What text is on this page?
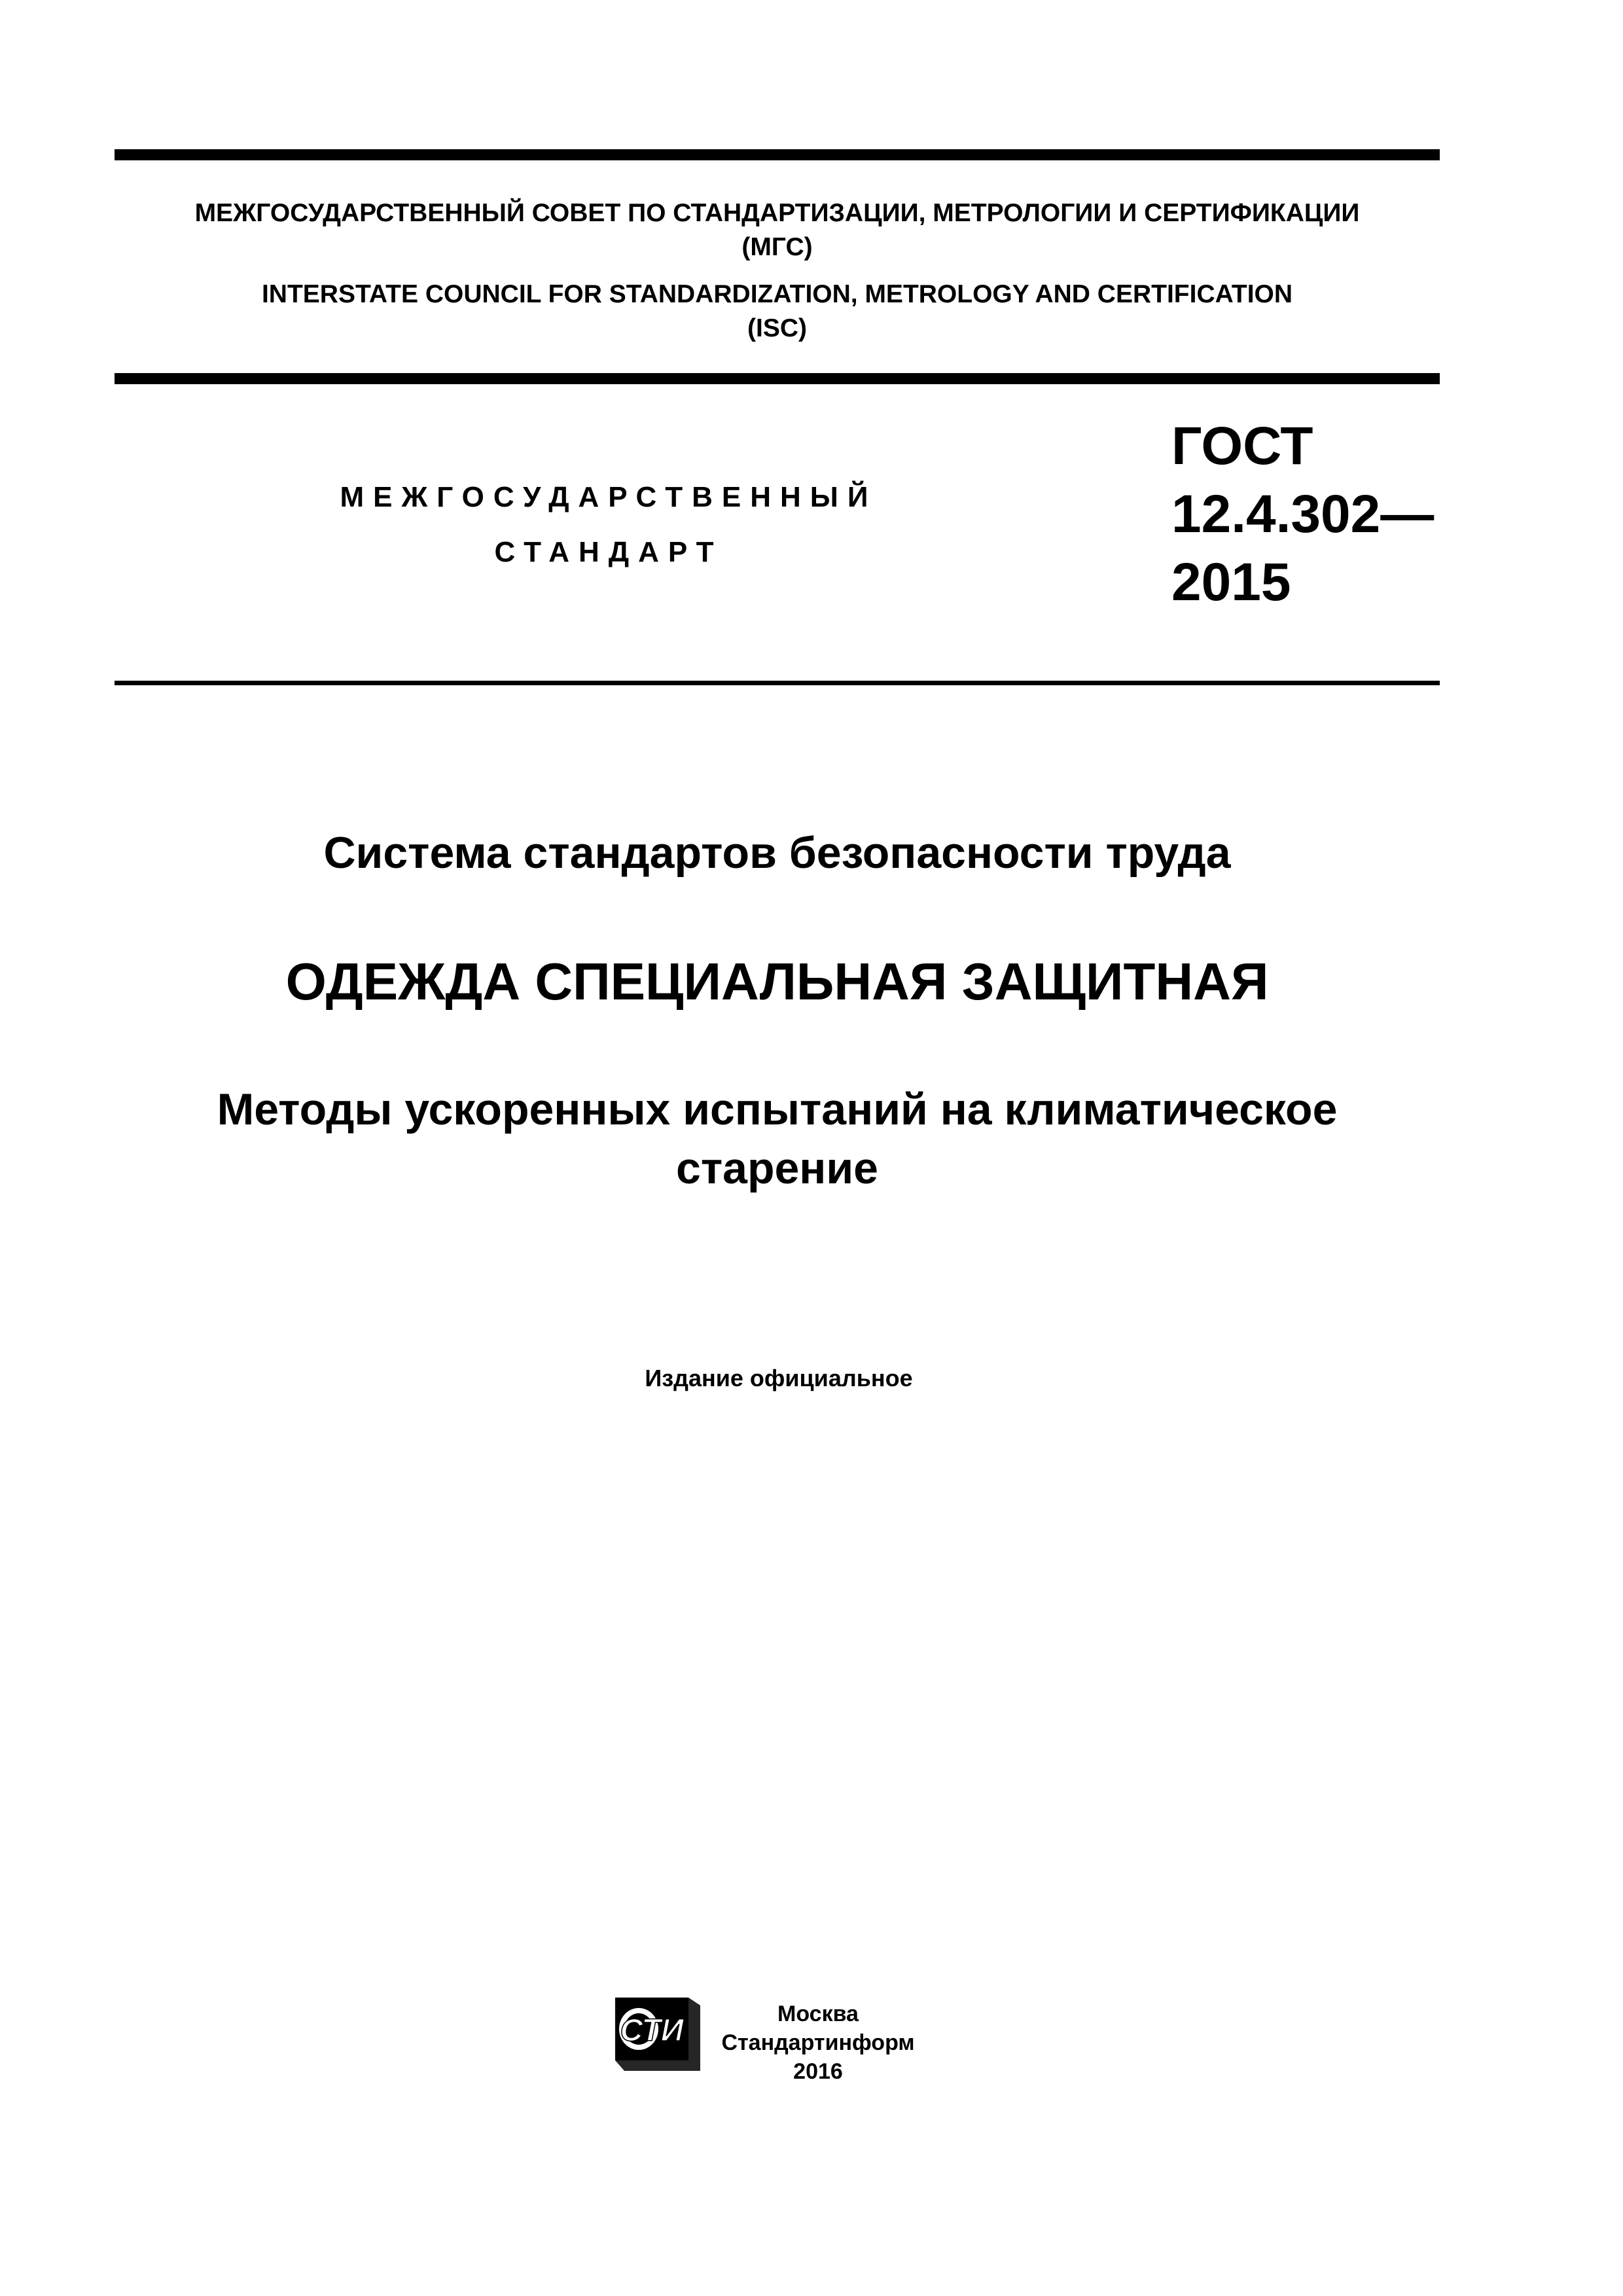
МЕЖГОСУДАРСТВЕННЫЙ СОВЕТ ПО СТАНДАРТИЗАЦИИ, МЕТРОЛОГИИ И СЕРТИФИКАЦИИ
(МГС)
INTERSTATE COUNCIL FOR STANDARDIZATION, METROLOGY AND CERTIFICATION
(ISC)
МЕЖГОСУДАРСТВЕННЫЙ
СТАНДАРТ
ГОСТ
12.4.302—
2015
Система стандартов безопасности труда
ОДЕЖДА СПЕЦИАЛЬНАЯ ЗАЩИТНАЯ
Методы ускоренных испытаний на климатическое
старение
Издание официальное
СТИ	Москва
Стандартинформ
2016
